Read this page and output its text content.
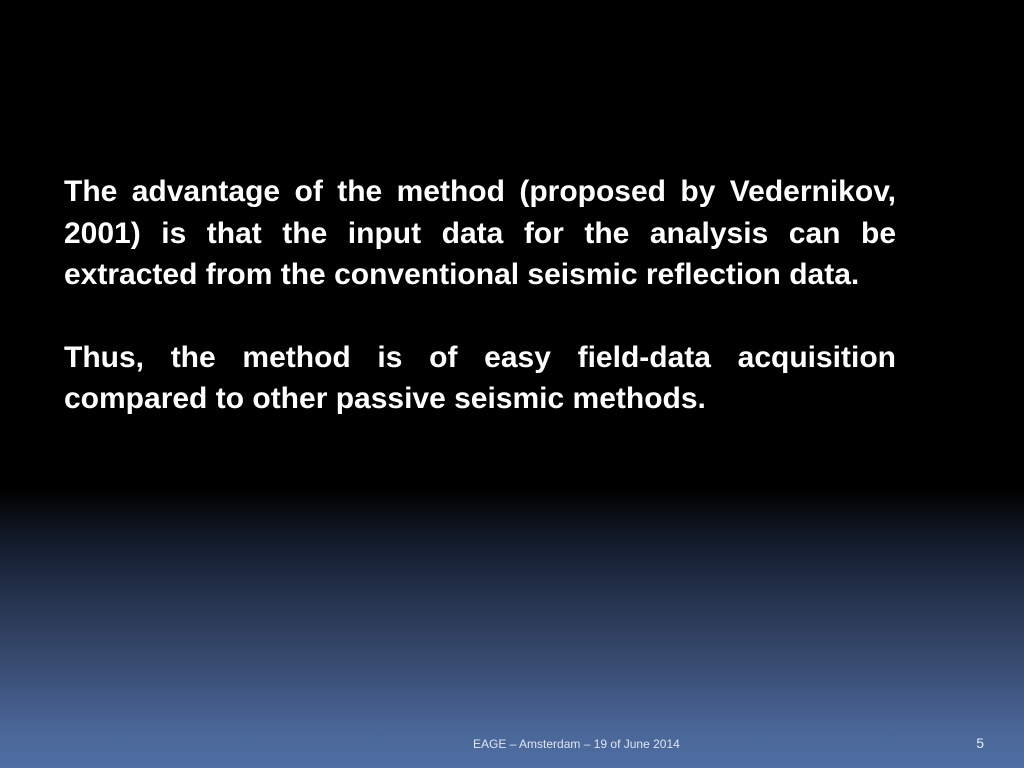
The advantage of the method (proposed by Vedernikov, 2001) is that the input data for the analysis can be extracted from the conventional seismic reflection data.

Thus, the method is of easy field-data acquisition compared to other passive seismic methods.

EAGE – Amsterdam – 19 of June 2014	5
